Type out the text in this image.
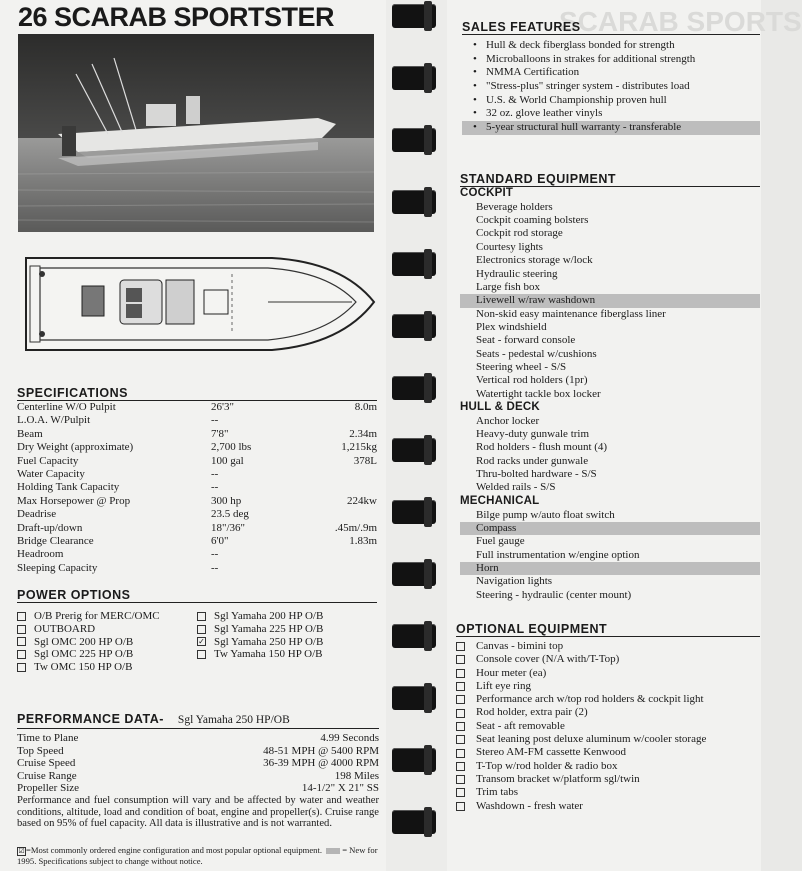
26 SCARAB SPORTSTER
SPECIFICATIONS
Centerline W/O Pulpit	26'3"	8.0m
L.O.A. W/Pulpit	--
Beam	7'8"	2.34m
Dry Weight (approximate)	2,700 lbs	1,215kg
Fuel Capacity	100 gal	378L
Water Capacity	--
Holding Tank Capacity	--
Max Horsepower @ Prop	300 hp	224kw
Deadrise	23.5 deg
Draft-up/down	18"/36"	.45m/.9m
Bridge Clearance	6'0"	1.83m
Headroom	--
Sleeping Capacity	--
POWER OPTIONS
O/B Prerig for MERC/OMC
OUTBOARD
Sgl OMC 200 HP O/B
Sgl OMC 225 HP O/B
Tw OMC 150 HP O/B
Sgl Yamaha 200 HP O/B
Sgl Yamaha 225 HP O/B
✓ Sgl Yamaha 250 HP O/B
Tw Yamaha 150 HP O/B
PERFORMANCE DATA- Sgl Yamaha 250 HP/OB
Time to Plane	4.99 Seconds
Top Speed	48-51 MPH @ 5400 RPM
Cruise Speed	36-39 MPH @ 4000 RPM
Cruise Range	198 Miles
Propeller Size	14-1/2" X 21" SS

Performance and fuel consumption will vary and be affected by water and weather conditions, altitude, load and condition of boat, engine and propeller(s). Cruise range based on 95% of fuel capacity. All data is illustrative and is not warranted.

☑=Most commonly ordered engine configuration and most popular optional equipment. = New for 1995. Specifications subject to change without notice.

SCARAB SPORTS
SALES FEATURES
• Hull & deck fiberglass bonded for strength
• Microballoons in strakes for additional strength
• NMMA Certification
• "Stress-plus" stringer system - distributes load
• U.S. & World Championship proven hull
• 32 oz. glove leather vinyls
• 5-year structural hull warranty - transferable
STANDARD EQUIPMENT
COCKPIT
Beverage holders
Cockpit coaming bolsters
Cockpit rod storage
Courtesy lights
Electronics storage w/lock
Hydraulic steering
Large fish box
Livewell w/raw washdown
Non-skid easy maintenance fiberglass liner
Plex windshield
Seat - forward console
Seats - pedestal w/cushions
Steering wheel - S/S
Vertical rod holders (1pr)
Watertight tackle box locker
HULL & DECK
Anchor locker
Heavy-duty gunwale trim
Rod holders - flush mount (4)
Rod racks under gunwale
Thru-bolted hardware - S/S
Welded rails - S/S
MECHANICAL
Bilge pump w/auto float switch
Compass
Fuel gauge
Full instrumentation w/engine option
Horn
Navigation lights
Steering - hydraulic (center mount)
OPTIONAL EQUIPMENT
Canvas - bimini top
Console cover (N/A with/T-Top)
Hour meter (ea)
Lift eye ring
Performance arch w/top rod holders & cockpit light
Rod holder, extra pair (2)
Seat - aft removable
Seat leaning post deluxe aluminum w/cooler storage
Stereo AM-FM cassette Kenwood
T-Top w/rod holder & radio box
Transom bracket w/platform sgl/twin
Trim tabs
Washdown - fresh water
